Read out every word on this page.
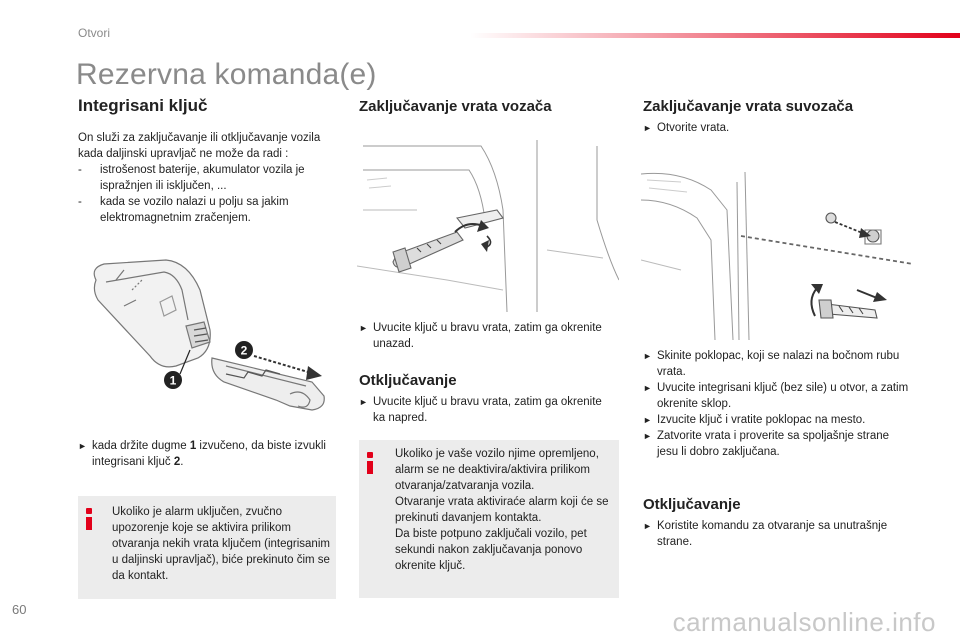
Otvori
Rezervna komanda(e)
Integrisani ključ
On služi za zaključavanje ili otključavanje vozila kada daljinski upravljač ne može da radi :
- istrošenost baterije, akumulator vozila je ispražnjen ili isključen, ...
- kada se vozilo nalazi u polju sa jakim elektromagnetnim zračenjem.
1
2
► kada držite dugme 1 izvučeno, da biste izvukli integrisani ključ 2.
Ukoliko je alarm uključen, zvučno upozorenje koje se aktivira prilikom otvaranja nekih vrata ključem (integrisanim u daljinski upravljač), biće prekinuto čim se da kontakt.
Zaključavanje vrata vozača
► Uvucite ključ u bravu vrata, zatim ga okrenite unazad.
Otključavanje
► Uvucite ključ u bravu vrata, zatim ga okrenite ka napred.
Ukoliko je vaše vozilo njime opremljeno, alarm se ne deaktivira/aktivira prilikom otvaranja/zatvaranja vozila.
Otvaranje vrata aktiviraće alarm koji će se prekinuti davanjem kontakta.
Da biste potpuno zaključali vozilo, pet sekundi nakon zaključavanja ponovo okrenite ključ.
Zaključavanje vrata suvozača
► Otvorite vrata.
► Skinite poklopac, koji se nalazi na bočnom rubu vrata.
► Uvucite integrisani ključ (bez sile) u otvor, a zatim okrenite sklop.
► Izvucite ključ i vratite poklopac na mesto.
► Zatvorite vrata i proverite sa spoljašnje strane jesu li dobro zaključana.
Otključavanje
► Koristite komandu za otvaranje sa unutrašnje strane.
60	carmanualsonline.info
